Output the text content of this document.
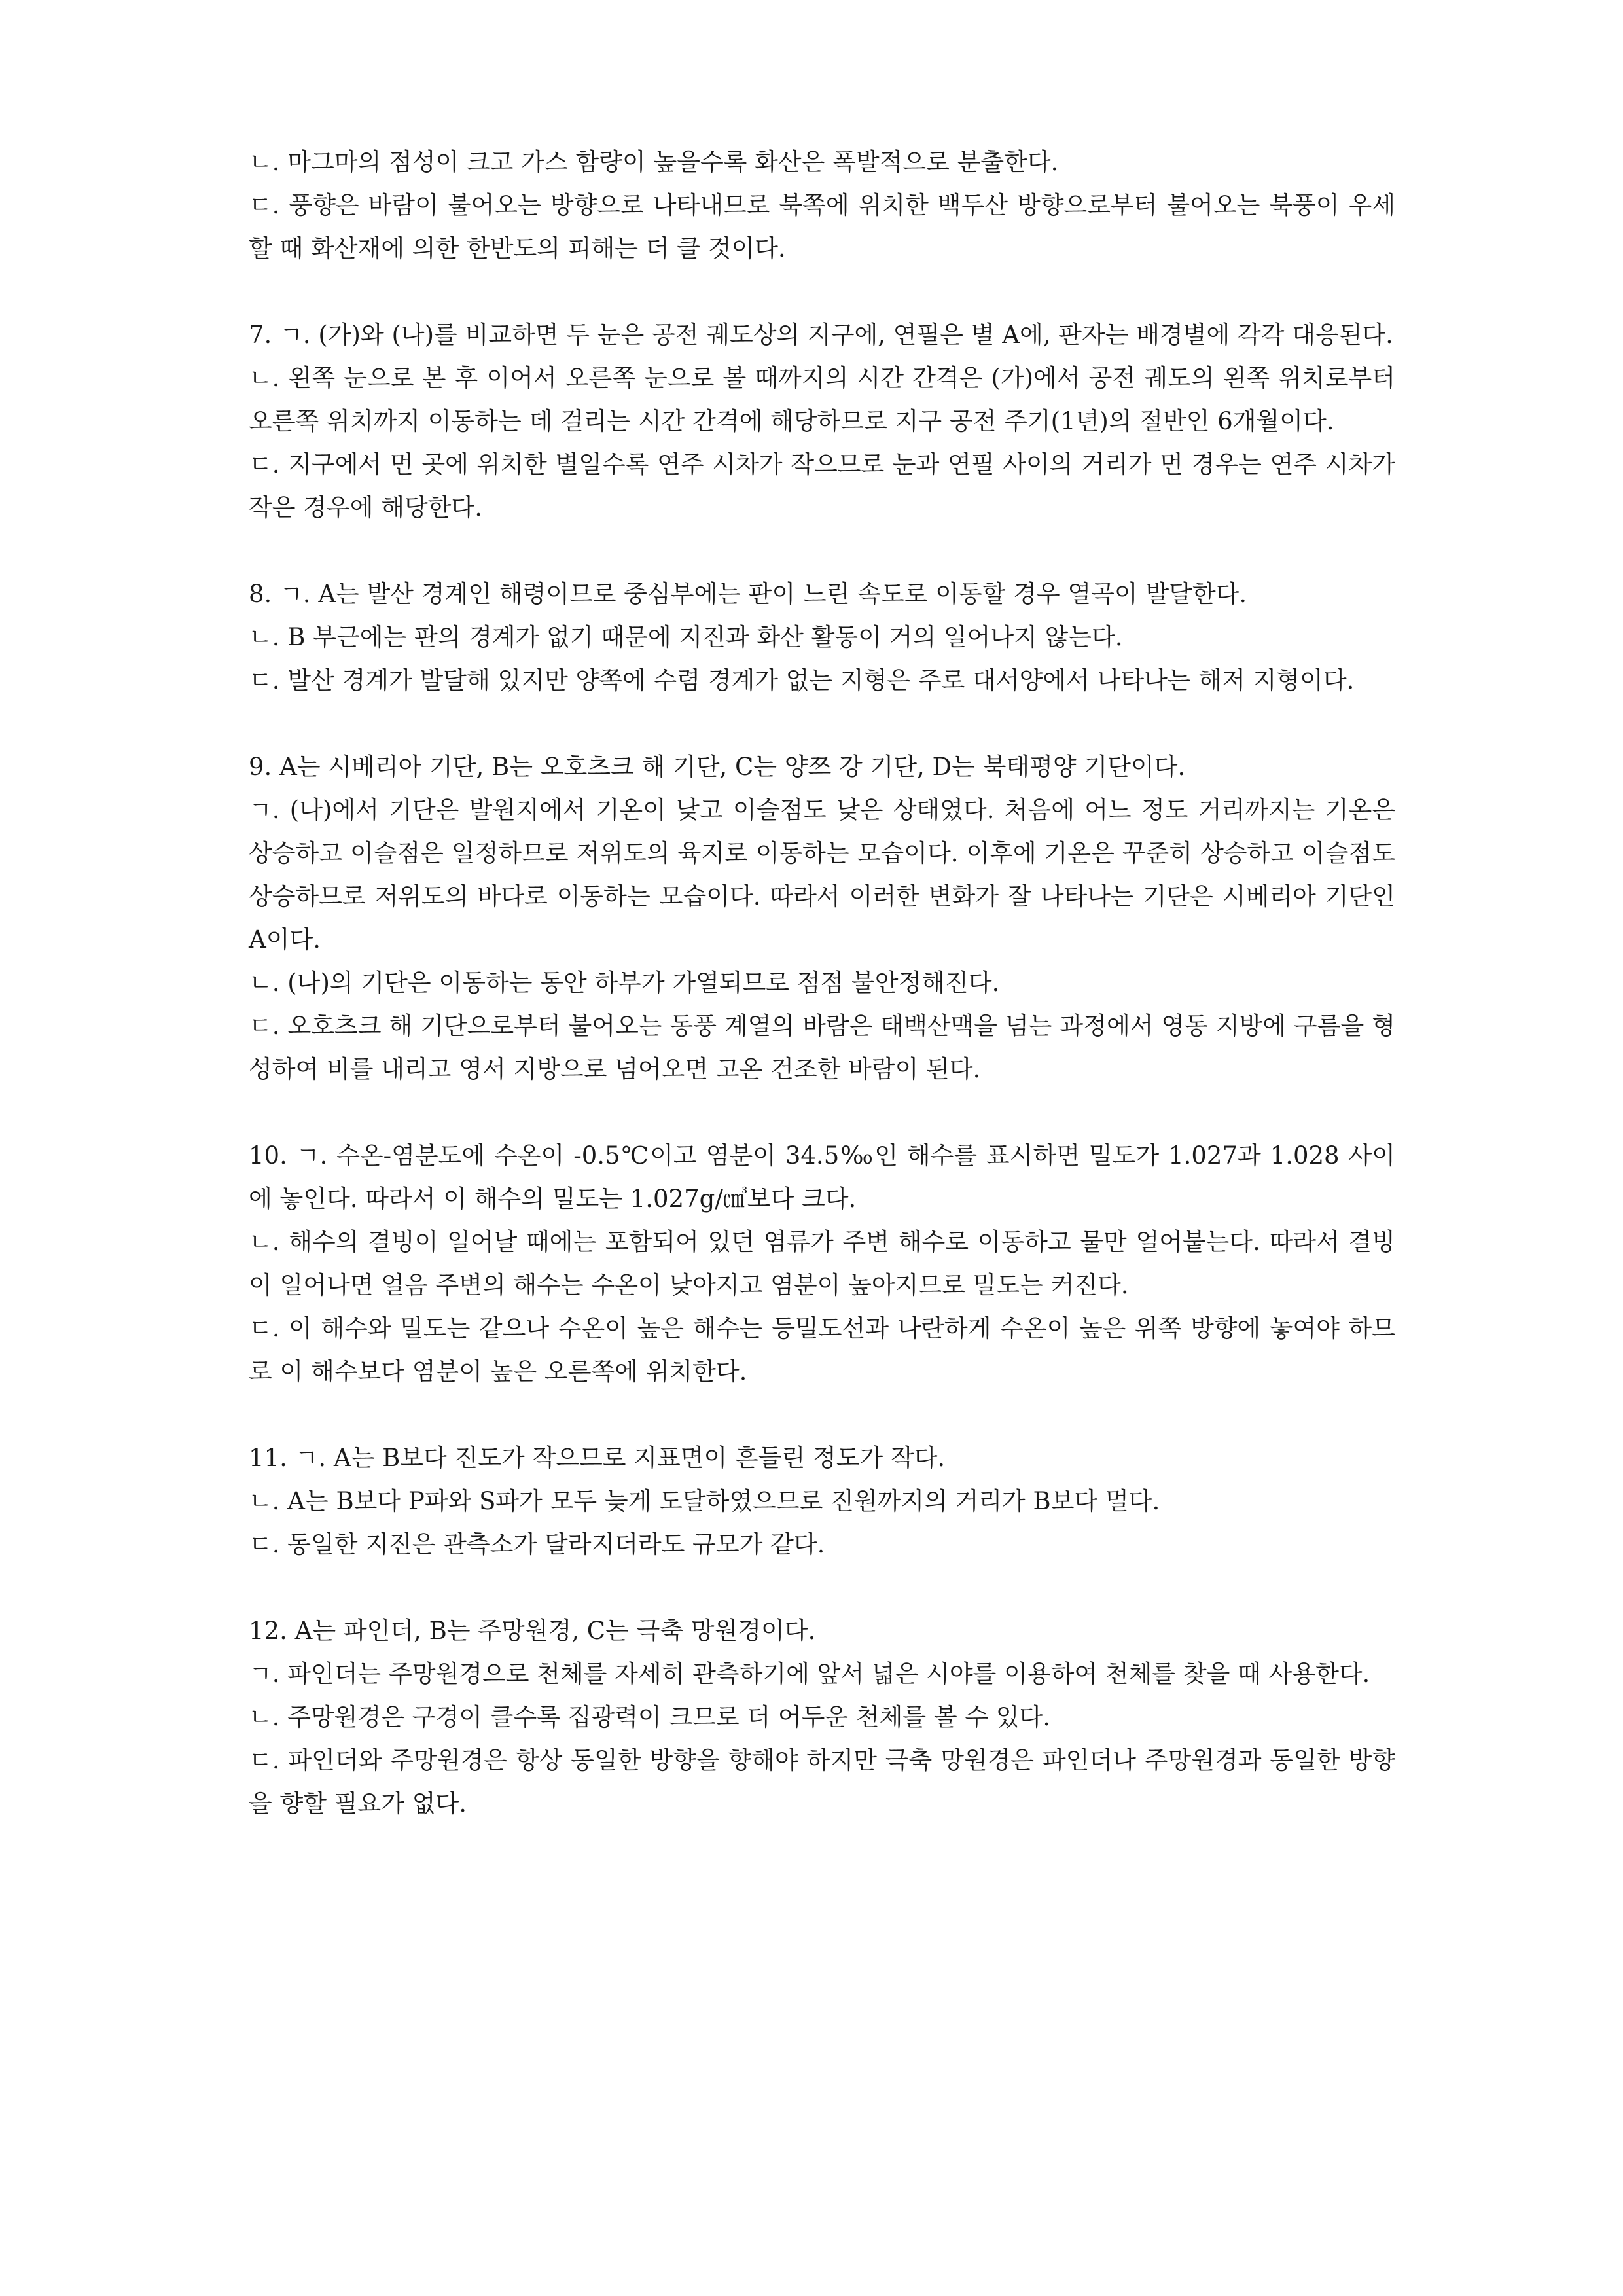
ㄴ. 마그마의 점성이 크고 가스 함량이 높을수록 화산은 폭발적으로 분출한다.

ㄷ. 풍향은 바람이 불어오는 방향으로 나타내므로 북쪽에 위치한 백두산 방향으로부터 불어오는 북풍이 우세할 때 화산재에 의한 한반도의 피해는 더 클 것이다.

7. ㄱ. (가)와 (나)를 비교하면 두 눈은 공전 궤도상의 지구에, 연필은 별 A에, 판자는 배경별에 각각 대응된다.

ㄴ. 왼쪽 눈으로 본 후 이어서 오른쪽 눈으로 볼 때까지의 시간 간격은 (가)에서 공전 궤도의 왼쪽 위치로부터 오른쪽 위치까지 이동하는 데 걸리는 시간 간격에 해당하므로 지구 공전 주기(1년)의 절반인 6개월이다.

ㄷ. 지구에서 먼 곳에 위치한 별일수록 연주 시차가 작으므로 눈과 연필 사이의 거리가 먼 경우는 연주 시차가 작은 경우에 해당한다.

8. ㄱ. A는 발산 경계인 해령이므로 중심부에는 판이 느린 속도로 이동할 경우 열곡이 발달한다.

ㄴ. B 부근에는 판의 경계가 없기 때문에 지진과 화산 활동이 거의 일어나지 않는다.

ㄷ. 발산 경계가 발달해 있지만 양쪽에 수렴 경계가 없는 지형은 주로 대서양에서 나타나는 해저 지형이다.

9. A는 시베리아 기단, B는 오호츠크 해 기단, C는 양쯔 강 기단, D는 북태평양 기단이다.

ㄱ. (나)에서 기단은 발원지에서 기온이 낮고 이슬점도 낮은 상태였다. 처음에 어느 정도 거리까지는 기온은 상승하고 이슬점은 일정하므로 저위도의 육지로 이동하는 모습이다. 이후에 기온은 꾸준히 상승하고 이슬점도 상승하므로 저위도의 바다로 이동하는 모습이다. 따라서 이러한 변화가 잘 나타나는 기단은 시베리아 기단인 A이다.

ㄴ. (나)의 기단은 이동하는 동안 하부가 가열되므로 점점 불안정해진다.

ㄷ. 오호츠크 해 기단으로부터 불어오는 동풍 계열의 바람은 태백산맥을 넘는 과정에서 영동 지방에 구름을 형성하여 비를 내리고 영서 지방으로 넘어오면 고온 건조한 바람이 된다.

10. ㄱ. 수온-염분도에 수온이 -0.5℃이고 염분이 34.5‰인 해수를 표시하면 밀도가 1.027과 1.028 사이에 놓인다. 따라서 이 해수의 밀도는 1.027g/㎤보다 크다.

ㄴ. 해수의 결빙이 일어날 때에는 포함되어 있던 염류가 주변 해수로 이동하고 물만 얼어붙는다. 따라서 결빙이 일어나면 얼음 주변의 해수는 수온이 낮아지고 염분이 높아지므로 밀도는 커진다.

ㄷ. 이 해수와 밀도는 같으나 수온이 높은 해수는 등밀도선과 나란하게 수온이 높은 위쪽 방향에 놓여야 하므로 이 해수보다 염분이 높은 오른쪽에 위치한다.

11. ㄱ. A는 B보다 진도가 작으므로 지표면이 흔들린 정도가 작다.

ㄴ. A는 B보다 P파와 S파가 모두 늦게 도달하였으므로 진원까지의 거리가 B보다 멀다.

ㄷ. 동일한 지진은 관측소가 달라지더라도 규모가 같다.

12. A는 파인더, B는 주망원경, C는 극축 망원경이다.

ㄱ. 파인더는 주망원경으로 천체를 자세히 관측하기에 앞서 넓은 시야를 이용하여 천체를 찾을 때 사용한다.

ㄴ. 주망원경은 구경이 클수록 집광력이 크므로 더 어두운 천체를 볼 수 있다.

ㄷ. 파인더와 주망원경은 항상 동일한 방향을 향해야 하지만 극축 망원경은 파인더나 주망원경과 동일한 방향을 향할 필요가 없다.
